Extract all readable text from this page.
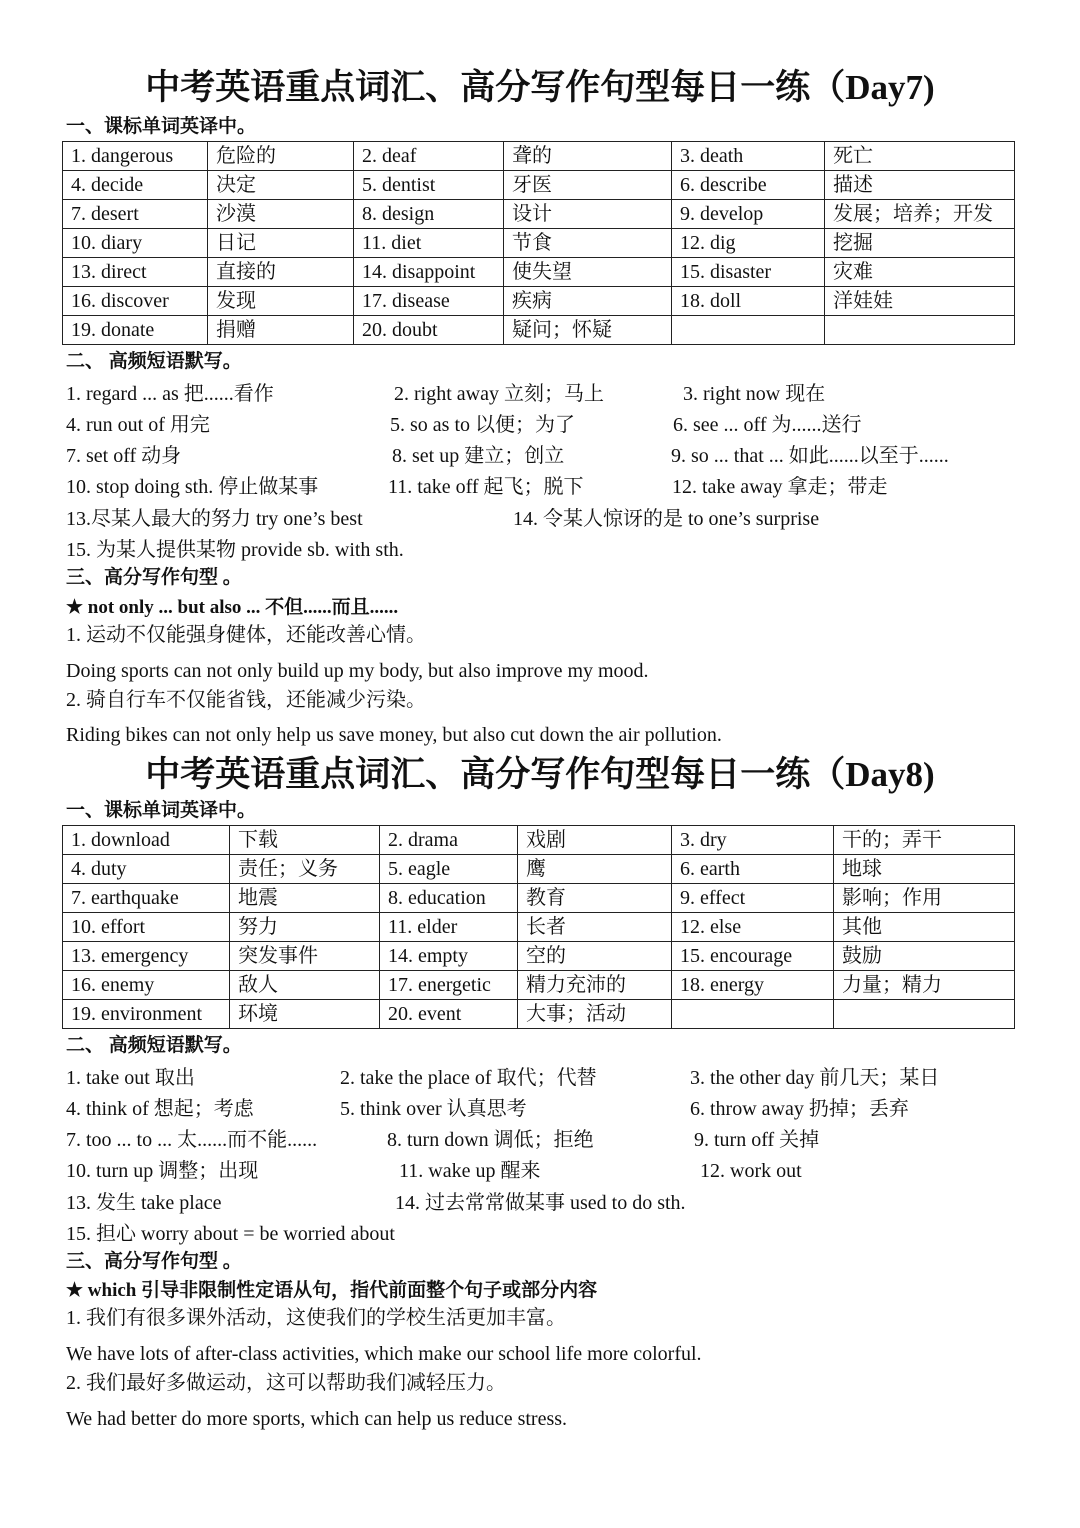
中考英语重点词汇、高分写作句型每日一练（Day7)
一、课标单词英译中。
1. dangerous	危险的	2. deaf	聋的	3. death	死亡
4. decide	决定	5. dentist	牙医	6. describe	描述
7. desert	沙漠	8. design	设计	9. develop	发展；培养；开发
10. diary	日记	11. diet	节食	12. dig	挖掘
13. direct	直接的	14. disappoint	使失望	15. disaster	灾难
16. discover	发现	17. disease	疾病	18. doll	洋娃娃
19. donate	捐赠	20. doubt	疑问；怀疑		
二、 高频短语默写。
1. regard ... as 把......看作	2. right away 立刻；马上	3. right now 现在
4. run out of 用完	5. so as to 以便；为了	6. see ... off 为......送行
7. set off 动身	8. set up 建立；创立	9. so ... that ... 如此......以至于......
10. stop doing sth. 停止做某事	11. take off 起飞；脱下	12. take away 拿走；带走
13.尽某人最大的努力 try one’s best	14. 令某人惊讶的是 to one’s surprise
15. 为某人提供某物 provide sb. with sth.
三、高分写作句型 。
★ not only ... but also ... 不但......而且......
1. 运动不仅能强身健体，还能改善心情。
Doing sports can not only build up my body, but also improve my mood.
2. 骑自行车不仅能省钱，还能减少污染。
Riding bikes can not only help us save money, but also cut down the air pollution.
中考英语重点词汇、高分写作句型每日一练（Day8)
一、课标单词英译中。
1. download	下载	2. drama	戏剧	3. dry	干的；弄干
4. duty	责任；义务	5. eagle	鹰	6. earth	地球
7. earthquake	地震	8. education	教育	9. effect	影响；作用
10. effort	努力	11. elder	长者	12. else	其他
13. emergency	突发事件	14. empty	空的	15. encourage	鼓励
16. enemy	敌人	17. energetic	精力充沛的	18. energy	力量；精力
19. environment	环境	20. event	大事；活动		
二、 高频短语默写。
1. take out 取出	2. take the place of 取代；代替	3. the other day 前几天；某日
4. think of 想起；考虑	5. think over 认真思考	6. throw away 扔掉；丢弃
7. too ... to ... 太......而不能......	8. turn down 调低；拒绝	9. turn off 关掉
10. turn up 调整；出现	11. wake up 醒来	12. work out
13. 发生 take place	14. 过去常常做某事 used to do sth.
15. 担心 worry about = be worried about
三、高分写作句型 。
★ which 引导非限制性定语从句，指代前面整个句子或部分内容
1. 我们有很多课外活动，这使我们的学校生活更加丰富。
We have lots of after-class activities, which make our school life more colorful.
2. 我们最好多做运动，这可以帮助我们减轻压力。
We had better do more sports, which can help us reduce stress.
